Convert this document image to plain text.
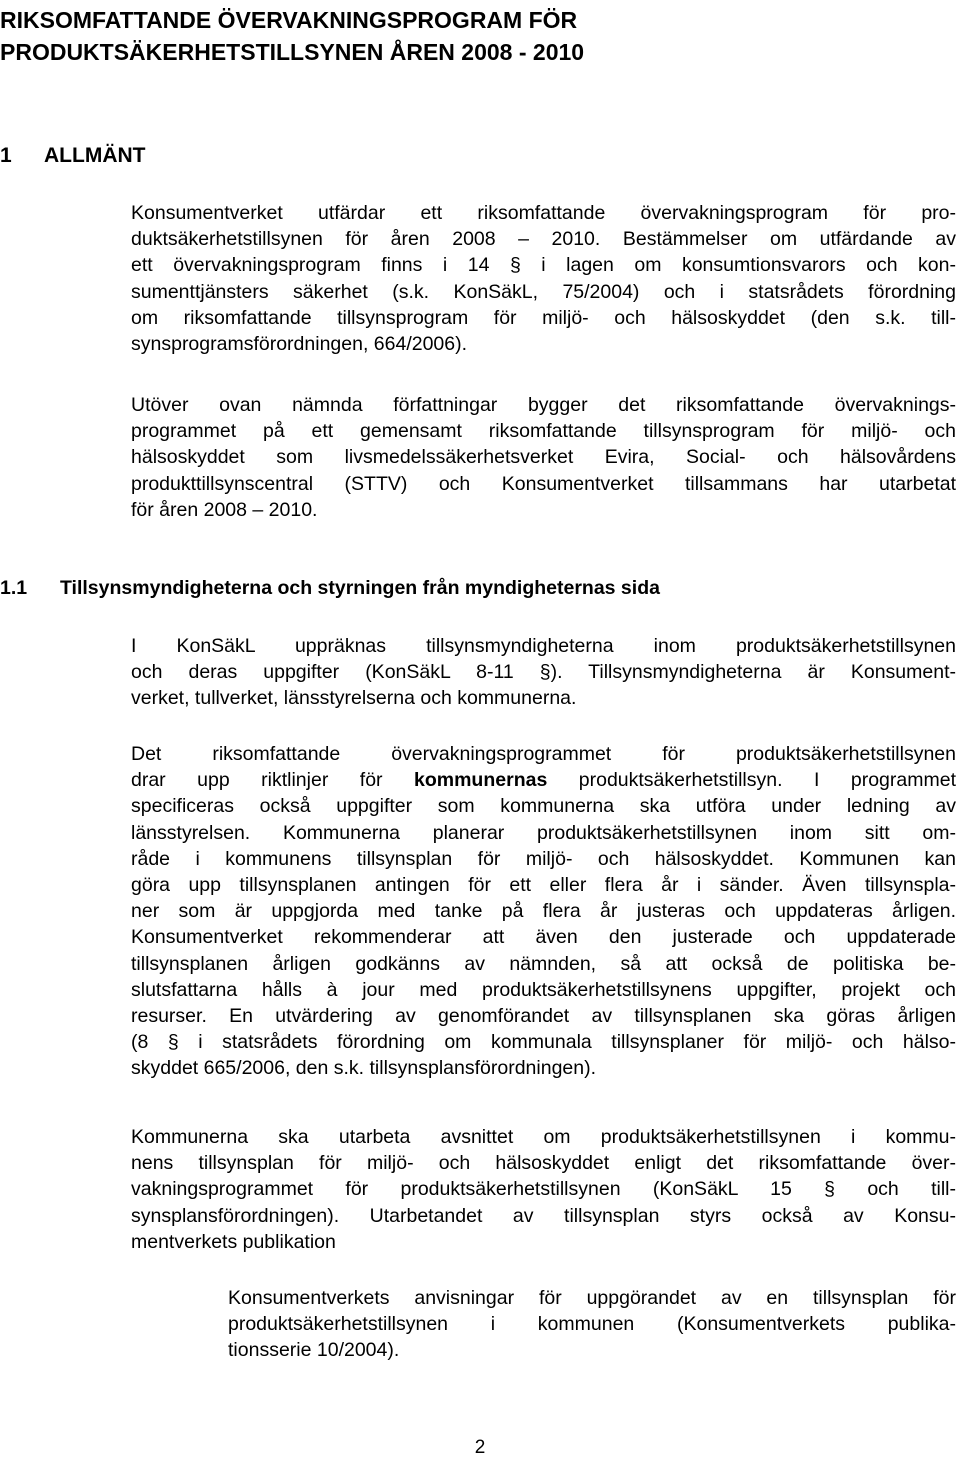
RIKSOMFATTANDE ÖVERVAKNINGSPROGRAM FÖR
PRODUKTSÄKERHETSTILLSYNEN ÅREN 2008 - 2010
1 ALLMÄNT
Konsumentverket utfärdar ett riksomfattande övervakningsprogram för pro-
duktsäkerhetstillsynen för åren 2008 – 2010. Bestämmelser om utfärdande av
ett övervakningsprogram finns i 14 § i lagen om konsumtionsvarors och kon-
sumenttjänsters säkerhet (s.k. KonSäkL, 75/2004) och i statsrådets förordning
om riksomfattande tillsynsprogram för miljö- och hälsoskyddet (den s.k. till-
synsprogramsförordningen, 664/2006).
Utöver ovan nämnda författningar bygger det riksomfattande övervaknings-
programmet på ett gemensamt riksomfattande tillsynsprogram för miljö- och
hälsoskyddet som livsmedelssäkerhetsverket Evira, Social- och hälsovårdens
produkttillsynscentral (STTV) och Konsumentverket tillsammans har utarbetat
för åren 2008 – 2010.
1.1 Tillsynsmyndigheterna och styrningen från myndigheternas sida
I KonSäkL uppräknas tillsynsmyndigheterna inom produktsäkerhetstillsynen
och deras uppgifter (KonSäkL 8-11 §). Tillsynsmyndigheterna är Konsument-
verket, tullverket, länsstyrelserna och kommunerna.
Det riksomfattande övervakningsprogrammet för produktsäkerhetstillsynen
drar upp riktlinjer för kommunernas produktsäkerhetstillsyn. I programmet
specificeras också uppgifter som kommunerna ska utföra under ledning av
länsstyrelsen. Kommunerna planerar produktsäkerhetstillsynen inom sitt om-
råde i kommunens tillsynsplan för miljö- och hälsoskyddet. Kommunen kan
göra upp tillsynsplanen antingen för ett eller flera år i sänder. Även tillsynspla-
ner som är uppgjorda med tanke på flera år justeras och uppdateras årligen.
Konsumentverket rekommenderar att även den justerade och uppdaterade
tillsynsplanen årligen godkänns av nämnden, så att också de politiska be-
slutsfattarna hålls à jour med produktsäkerhetstillsynens uppgifter, projekt och
resurser. En utvärdering av genomförandet av tillsynsplanen ska göras årligen
(8 § i statsrådets förordning om kommunala tillsynsplaner för miljö- och hälso-
skyddet 665/2006, den s.k. tillsynsplansförordningen).
Kommunerna ska utarbeta avsnittet om produktsäkerhetstillsynen i kommu-
nens tillsynsplan för miljö- och hälsoskyddet enligt det riksomfattande över-
vakningsprogrammet för produktsäkerhetstillsynen (KonSäkL 15 § och till-
synsplansförordningen). Utarbetandet av tillsynsplan styrs också av Konsu-
mentverkets publikation
Konsumentverkets anvisningar för uppgörandet av en tillsynsplan för
produktsäkerhetstillsynen i kommunen (Konsumentverkets publika-
tionsserie 10/2004).
2
